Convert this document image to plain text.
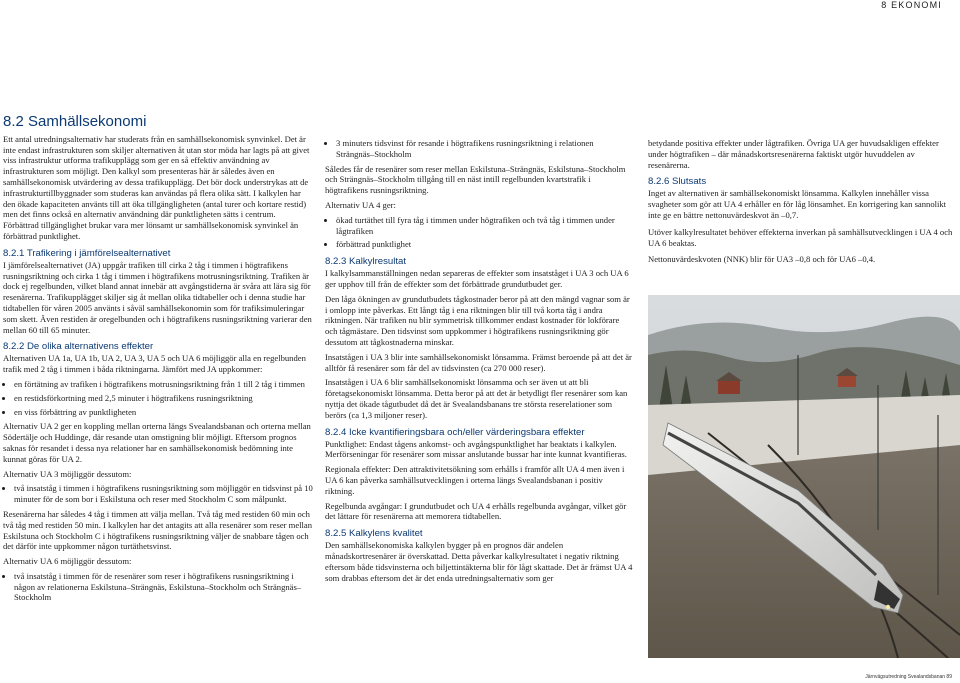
8 EKONOMI
8.2 Samhällsekonomi

Ett antal utredningsalternativ har studerats från en samhällsekonomisk synvinkel. Det är inte endast infrastrukturen som skiljer alternativen åt utan stor möda har lagts på att givet viss infrastruktur utforma trafikupplägg som ger en så effektiv användning av infrastrukturen som möjligt. Den kalkyl som presenteras här är således även en samhällsekonomisk utvärdering av dessa trafikupplägg. Det bör dock understrykas att de infrastrukturtillbyggnader som studeras kan användas på flera olika sätt. I kalkylen har den ökade kapaciteten använts till att öka tillgängligheten (antal turer och kortare restid) men det finns också en alternativ användning där punktligheten sätts i centrum. Förbättrad tillgänglighet brukar vara mer lönsamt ur samhällsekonomisk synvinkel än förbättrad punktlighet.

8.2.1 Trafikering i jämförelsealternativet

I jämförelsealternativet (JA) uppgår trafiken till cirka 2 tåg i timmen i högtrafikens rusningsriktning och cirka 1 tåg i timmen i högtrafikens motrusningsriktning. Trafiken är dock ej regelbunden, vilket bland annat innebär att avgångstiderna är svåra att lära sig för resenärerna. Trafikupplägget skiljer sig åt mellan olika tidtabeller och i denna studie har tidtabellen för våren 2005 använts i såväl samhällsekonomin som för trafiksimuleringar som skett. Även restiden är oregelbunden och i högtrafikens rusningsriktning varierar den mellan 60 till 65 minuter.

8.2.2 De olika alternativens effekter

Alternativen UA 1a, UA 1b, UA 2, UA 3, UA 5 och UA 6 möjliggör alla en regelbunden trafik med 2 tåg i timmen i båda riktningarna. Jämfört med JA uppkommer:

• en förtätning av trafiken i högtrafikens motrusningsriktning från 1 till 2 tåg i timmen
• en restidsförkortning med 2,5 minuter i högtrafikens rusningsriktning
• en viss förbättring av punktligheten

Alternativ UA 2 ger en koppling mellan orterna längs Svealandsbanan och orterna mellan Södertälje och Huddinge, där resande utan omstigning blir möjligt. Eftersom prognos saknas för resandet i dessa nya relationer har en samhällsekonomisk bedömning inte kunnat göras för UA 2.

Alternativ UA 3 möjliggör dessutom:

• två insatståg i timmen i högtrafikens rusningsriktning som möjliggör en tidsvinst på 10 minuter för de som bor i Eskilstuna och reser med Stockholm C som målpunkt.

Resenärerna har således 4 tåg i timmen att välja mellan. Två tåg med restiden 60 min och två tåg med restiden 50 min. I kalkylen har det antagits att alla resenärer som reser mellan Eskilstuna och Stockholm C i högtrafikens rusningsriktning väljer de snabbare tågen och det därför inte uppkommer någon turtäthetsvinst.

Alternativ UA 6 möjliggör dessutom:

• två insatståg i timmen för de resenärer som reser i högtrafikens rusningsriktning i någon av relationerna Eskilstuna–Strängnäs, Eskilstuna–Stockholm och Strängnäs–Stockholm
• 3 minuters tidsvinst för resande i högtrafikens rusningsriktning i relationen Strängnäs–Stockholm

Således får de resenärer som reser mellan Eskilstuna–Strängnäs, Eskilstuna–Stockholm och Strängnäs–Stockholm tillgång till en näst intill regelbunden kvartstrafik i högtrafikens rusningsriktning.

Alternativ UA 4 ger:

• ökad turtäthet till fyra tåg i timmen under högtrafiken och två tåg i timmen under lågtrafiken
• förbättrad punktlighet
8.2.3 Kalkylresultat

I kalkylsammanställningen nedan separeras de effekter som insatståget i UA 3 och UA 6 ger upphov till från de effekter som det förbättrade grundutbudet ger.

Den låga ökningen av grundutbudets tågkostnader beror på att den mängd vagnar som är i omlopp inte påverkas. Ett långt tåg i ena riktningen blir till två korta tåg i andra riktningen. När trafiken nu blir symmetrisk tillkommer endast kostnader för lokförare och tågmästare. Den tidsvinst som uppkommer i högtrafikens rusningsriktning gör dessutom att tågkostnaderna minskar.

Insatstågen i UA 3 blir inte samhällsekonomiskt lönsamma. Främst beroende på att det är alltför få resenärer som får del av tidsvinsten (ca 270 000 reser).

Insatstågen i UA 6 blir samhällsekonomiskt lönsamma och ser även ut att bli företagsekonomiskt lönsamma. Detta beror på att det är betydligt fler resenärer som kan nyttja det ökade tågutbudet då det är Svealandsbanans tre största reserelationer som berörs (ca 1,3 miljoner reser).

8.2.4 Icke kvantifieringsbara och/eller värderingsbara effekter

Punktlighet: Endast tågens ankomst- och avgångspunktlighet har beaktats i kalkylen. Merförseningar för resenärer som missar anslutande bussar har inte kunnat kvantifieras.

Regionala effekter: Den attraktivitetsökning som erhålls i framför allt UA 4 men även i UA 6 kan påverka samhällsutvecklingen i orterna längs Svealandsbanan i positiv riktning.

Regelbunda avgångar: I grundutbudet och UA 4 erhålls regelbunda avgångar, vilket gör det lättare för resenärerna att memorera tidtabellen.

8.2.5 Kalkylens kvalitet

Den samhällsekonomiska kalkylen bygger på en prognos där andelen månadskortresenärer är överskattad. Detta påverkar kalkylresultatet i negativ riktning eftersom både tidsvinsterna och biljettintäkterna blir för lågt skattade. Det är främst UA 4 som drabbas eftersom det är det enda utredningsalternativ som ger

betydande positiva effekter under lågtrafiken. Övriga UA ger huvudsakligen effekter under högtrafiken – där månadskortsresenärerna faktiskt utgör huvuddelen av resenärerna.

8.2.6 Slutsats

Inget av alternativen är samhällsekonomiskt lönsamma. Kalkylen innehåller vissa svagheter som gör att UA 4 erhåller en för låg lönsamhet. En korrigering kan sannolikt inte ge en bättre nettonuvärdeskvot än –0,7.

Utöver kalkylresultatet behöver effekterna inverkan på samhällsutvecklingen i UA 4 och UA 6 beaktas.

Nettonuvärdeskvoten (NNK) blir för UA3 –0,8 och för UA6 –0,4.

Järnvägsutredning Svealandsbanan 89
